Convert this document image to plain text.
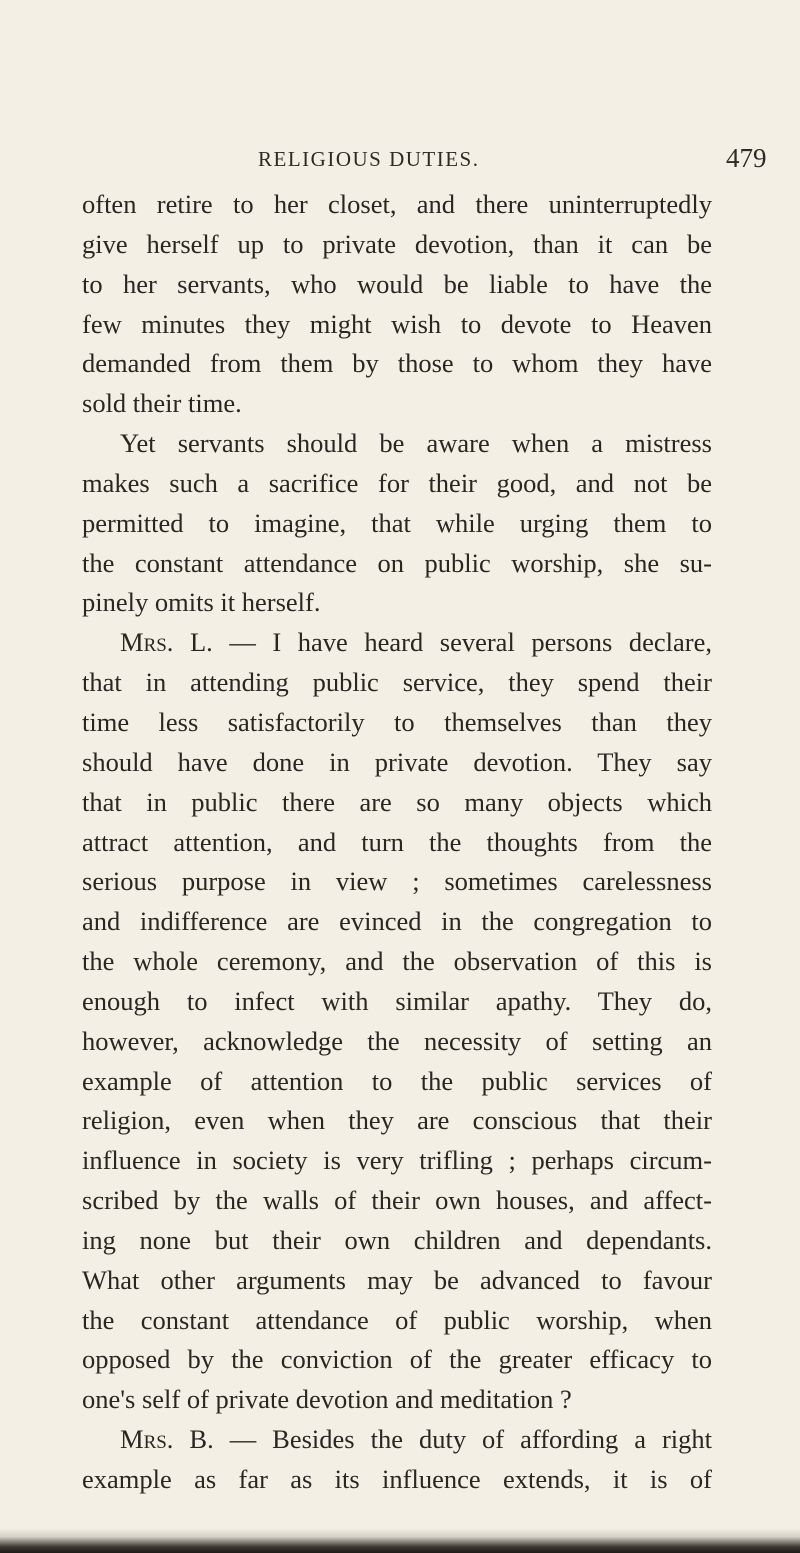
RELIGIOUS DUTIES.	479
often retire to her closet, and there uninterruptedly
give herself up to private devotion, than it can be
to her servants, who would be liable to have the
few minutes they might wish to devote to Heaven
demanded from them by those to whom they have
sold their time.
Yet servants should be aware when a mistress
makes such a sacrifice for their good, and not be
permitted to imagine, that while urging them to
the constant attendance on public worship, she su-
pinely omits it herself.
Mrs. L. — I have heard several persons declare,
that in attending public service, they spend their
time less satisfactorily to themselves than they
should have done in private devotion. They say
that in public there are so many objects which
attract attention, and turn the thoughts from the
serious purpose in view ; sometimes carelessness
and indifference are evinced in the congregation to
the whole ceremony, and the observation of this is
enough to infect with similar apathy. They do,
however, acknowledge the necessity of setting an
example of attention to the public services of
religion, even when they are conscious that their
influence in society is very trifling ; perhaps circum-
scribed by the walls of their own houses, and affect-
ing none but their own children and dependants.
What other arguments may be advanced to favour
the constant attendance of public worship, when
opposed by the conviction of the greater efficacy to
one's self of private devotion and meditation ?
Mrs. B. — Besides the duty of affording a right
example as far as its influence extends, it is of
